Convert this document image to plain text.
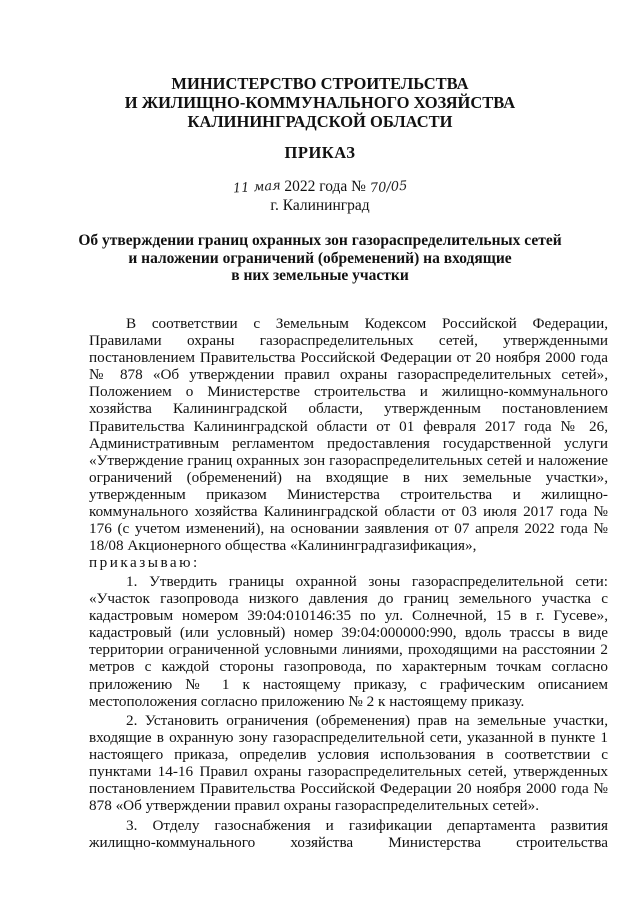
МИНИСТЕРСТВО СТРОИТЕЛЬСТВА
И ЖИЛИЩНО-КОММУНАЛЬНОГО ХОЗЯЙСТВА
КАЛИНИНГРАДСКОЙ ОБЛАСТИ
ПРИКАЗ
11 мая 2022 года № 70/05
г. Калининград
Об утверждении границ охранных зон газораспределительных сетей
и наложении ограничений (обременений) на входящие
в них земельные участки

В соответствии с Земельным Кодексом Российской Федерации, Правилами охраны газораспределительных сетей, утвержденными постановлением Правительства Российской Федерации от 20 ноября 2000 года № 878 «Об утверждении правил охраны газораспределительных сетей», Положением о Министерстве строительства и жилищно-коммунального хозяйства Калининградской области, утвержденным постановлением Правительства Калининградской области от 01 февраля 2017 года № 26, Административным регламентом предоставления государственной услуги «Утверждение границ охранных зон газораспределительных сетей и наложение ограничений (обременений) на входящие в них земельные участки», утвержденным приказом Министерства строительства и жилищно-коммунального хозяйства Калининградской области от 03 июля 2017 года № 176 (с учетом изменений), на основании заявления от 07 апреля 2022 года № 18/08 Акционерного общества «Калининградгазификация»,

приказываю:

1. Утвердить границы охранной зоны газораспределительной сети: «Участок газопровода низкого давления до границ земельного участка с кадастровым номером 39:04:010146:35 по ул. Солнечной, 15 в г. Гусеве», кадастровый (или условный) номер 39:04:000000:990, вдоль трассы в виде территории ограниченной условными линиями, проходящими на расстоянии 2 метров с каждой стороны газопровода, по характерным точкам согласно приложению № 1 к настоящему приказу, с графическим описанием местоположения согласно приложению № 2 к настоящему приказу.

2. Установить ограничения (обременения) прав на земельные участки, входящие в охранную зону газораспределительной сети, указанной в пункте 1 настоящего приказа, определив условия использования в соответствии с пунктами 14-16 Правил охраны газораспределительных сетей, утвержденных постановлением Правительства Российской Федерации 20 ноября 2000 года № 878 «Об утверждении правил охраны газораспределительных сетей».

3. Отделу газоснабжения и газификации департамента развития жилищно-коммунального хозяйства Министерства строительства
